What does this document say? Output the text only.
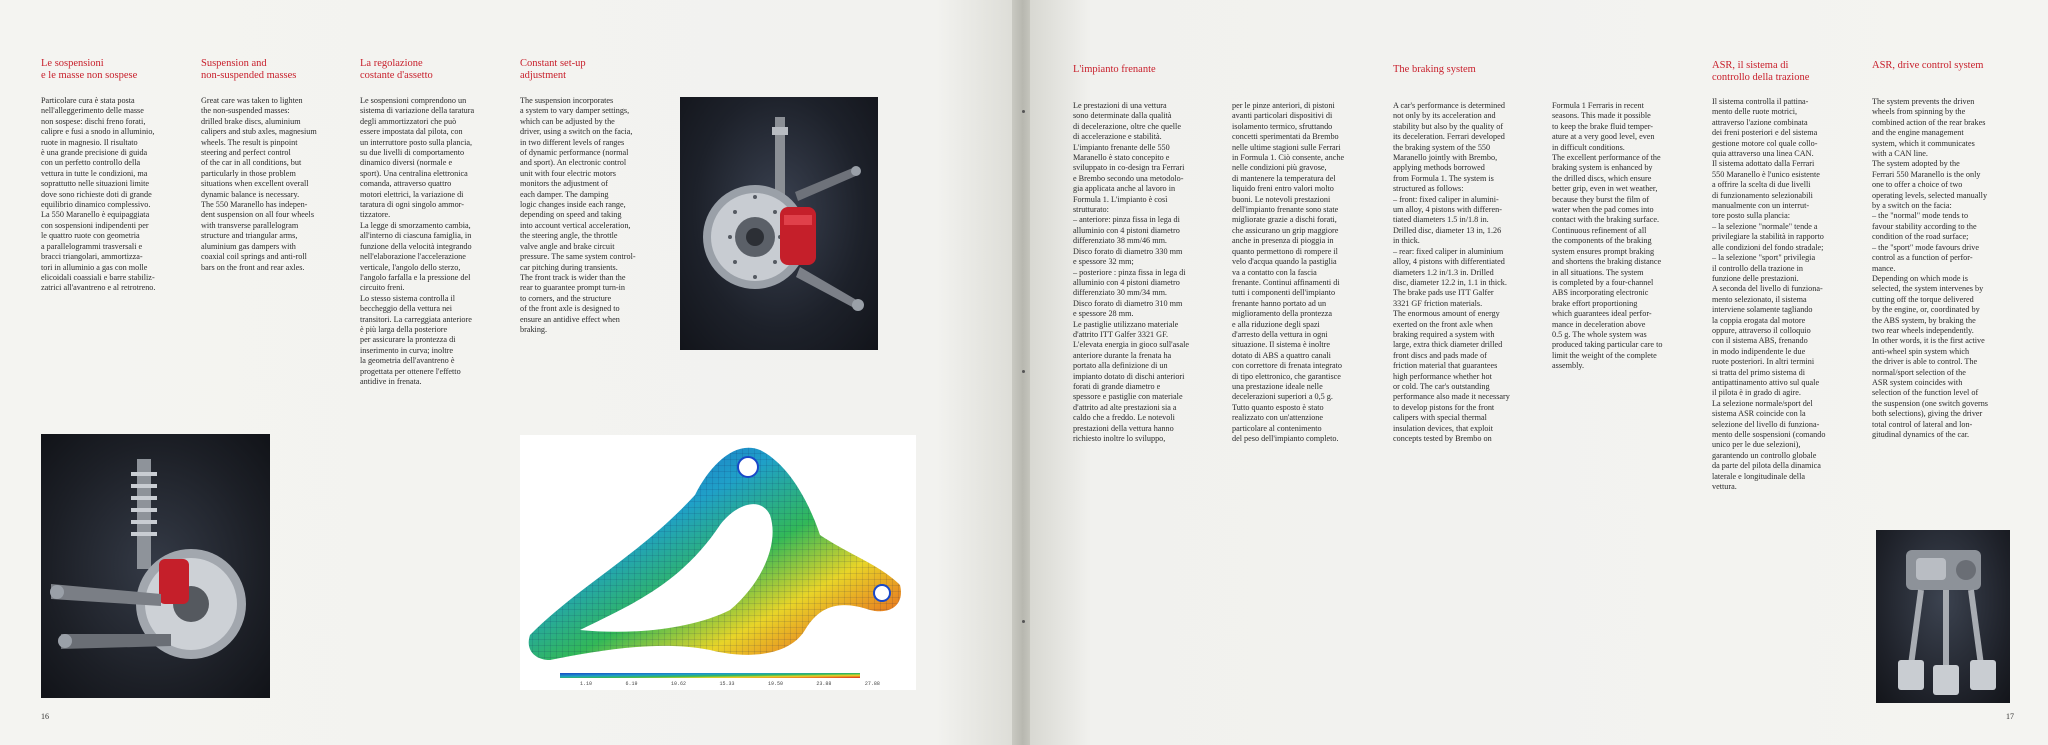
Le sospensioni
e le masse non sospese
Particolare cura è stata posta
nell'alleggerimento delle masse
non sospese: dischi freno forati,
calipre e fusi a snodo in alluminio,
ruote in magnesio. Il risultato
è una grande precisione di guida
con un perfetto controllo della
vettura in tutte le condizioni, ma
soprattutto nelle situazioni limite
dove sono richieste doti di grande
equilibrio dinamico complessivo.
La 550 Maranello è equipaggiata
con sospensioni indipendenti per
le quattro ruote con geometria
a parallelogrammi trasversali e
bracci triangolari, ammortizza-
tori in alluminio a gas con molle
elicoidali coassiali e barre stabiliz-
zatrici all'avantreno e al retrotreno.
Suspension and
non-suspended masses
Great care was taken to lighten
the non-suspended masses:
drilled brake discs, aluminium
calipers and stub axles, magnesium
wheels. The result is pinpoint
steering and perfect control
of the car in all conditions, but
particularly in those problem
situations when excellent overall
dynamic balance is necessary.
The 550 Maranello has indepen-
dent suspension on all four wheels
with transverse parallelogram
structure and triangular arms,
aluminium gas dampers with
coaxial coil springs and anti-roll
bars on the front and rear axles.
La regolazione
costante d'assetto
Le sospensioni comprendono un
sistema di variazione della taratura
degli ammortizzatori che può
essere impostata dal pilota, con
un interruttore posto sulla plancia,
su due livelli di comportamento
dinamico diversi (normale e
sport). Una centralina elettronica
comanda, attraverso quattro
motori elettrici, la variazione di
taratura di ogni singolo ammor-
tizzatore.
La legge di smorzamento cambia,
all'interno di ciascuna famiglia, in
funzione della velocità integrando
nell'elaborazione l'accelerazione
verticale, l'angolo dello sterzo,
l'angolo farfalla e la pressione del
circuito freni.
Lo stesso sistema controlla il
beccheggio della vettura nei
transitori. La carreggiata anteriore
è più larga della posteriore
per assicurare la prontezza di
inserimento in curva; inoltre
la geometria dell'avantreno è
progettata per ottenere l'effetto
antidive in frenata.
Constant set-up
adjustment
The suspension incorporates
a system to vary damper settings,
which can be adjusted by the
driver, using a switch on the facia,
in two different levels of ranges
of dynamic performance (normal
and sport). An electronic control
unit with four electric motors
monitors the adjustment of
each damper. The damping
logic changes inside each range,
depending on speed and taking
into account vertical acceleration,
the steering angle, the throttle
valve angle and brake circuit
pressure. The same system control-
car pitching during transients.
The front track is wider than the
rear to guarantee prompt turn-in
to corners, and the structure
of the front axle is designed to
ensure an antidive effect when
braking.
1.10	6.19	10.62	15.33	19.50	23.88	27.88
16
L'impianto frenante
Le prestazioni di una vettura
sono determinate dalla qualità
di decelerazione, oltre che quelle
di accelerazione e stabilità.
L'impianto frenante delle 550
Maranello è stato concepito e
sviluppato in co-design tra Ferrari
e Brembo secondo una metodolo-
gia applicata anche al lavoro in
Formula 1. L'impianto è così
strutturato:
– anteriore: pinza fissa in lega di
alluminio con 4 pistoni diametro
differenziato 38 mm/46 mm.
Disco forato di diametro 330 mm
e spessore 32 mm;
– posteriore : pinza fissa in lega di
alluminio con 4 pistoni diametro
differenziato 30 mm/34 mm.
Disco forato di diametro 310 mm
e spessore 28 mm.
Le pastiglie utilizzano materiale
d'attrito ITT Galfer 3321 GF.
L'elevata energia in gioco sull'asale
anteriore durante la frenata ha
portato alla definizione di un
impianto dotato di dischi anteriori
forati di grande diametro e
spessore e pastiglie con materiale
d'attrito ad alte prestazioni sia a
caldo che a freddo. Le notevoli
prestazioni della vettura hanno
richiesto inoltre lo sviluppo,
per le pinze anteriori, di pistoni
avanti particolari dispositivi di
isolamento termico, sfruttando
concetti sperimentati da Brembo
nelle ultime stagioni sulle Ferrari
in Formula 1. Ciò consente, anche
nelle condizioni più gravose,
di mantenere la temperatura del
liquido freni entro valori molto
buoni. Le notevoli prestazioni
dell'impianto frenante sono state
migliorate grazie a dischi forati,
che assicurano un grip maggiore
anche in presenza di pioggia in
quanto permettono di rompere il
velo d'acqua quando la pastiglia
va a contatto con la fascia
frenante. Continui affinamenti di
tutti i componenti dell'impianto
frenante hanno portato ad un
miglioramento della prontezza
e alla riduzione degli spazi
d'arresto della vettura in ogni
situazione. Il sistema è inoltre
dotato di ABS a quattro canali
con correttore di frenata integrato
di tipo elettronico, che garantisce
una prestazione ideale nelle
decelerazioni superiori a 0,5 g.
Tutto quanto esposto è stato
realizzato con un'attenzione
particolare al contenimento
del peso dell'impianto completo.
The braking system
A car's performance is determined
not only by its acceleration and
stability but also by the quality of
its deceleration. Ferrari developed
the braking system of the 550
Maranello jointly with Brembo,
applying methods borrowed
from Formula 1. The system is
structured as follows:
– front: fixed caliper in alumini-
um alloy, 4 pistons with differen-
tiated diameters 1.5 in/1.8 in.
Drilled disc, diameter 13 in, 1.26
in thick.
– rear: fixed caliper in aluminium
alloy, 4 pistons with differentiated
diameters 1.2 in/1.3 in. Drilled
disc, diameter 12.2 in, 1.1 in thick.
The brake pads use ITT Galfer
3321 GF friction materials.
The enormous amount of energy
exerted on the front axle when
braking required a system with
large, extra thick diameter drilled
front discs and pads made of
friction material that guarantees
high performance whether hot
or cold. The car's outstanding
performance also made it necessary
to develop pistons for the front
calipers with special thermal
insulation devices, that exploit
concepts tested by Brembo on
Formula 1 Ferraris in recent
seasons. This made it possible
to keep the brake fluid temper-
ature at a very good level, even
in difficult conditions.
The excellent performance of the
braking system is enhanced by
the drilled discs, which ensure
better grip, even in wet weather,
because they burst the film of
water when the pad comes into
contact with the braking surface.
Continuous refinement of all
the components of the braking
system ensures prompt braking
and shortens the braking distance
in all situations. The system
is completed by a four-channel
ABS incorporating electronic
brake effort proportioning
which guarantees ideal perfor-
mance in deceleration above
0.5 g. The whole system was
produced taking particular care to
limit the weight of the complete
assembly.
ASR, il sistema di
controllo della trazione
Il sistema controlla il pattina-
mento delle ruote motrici,
attraverso l'azione combinata
dei freni posteriori e del sistema
gestione motore col quale collo-
quia attraverso una linea CAN.
Il sistema adottato dalla Ferrari
550 Maranello è l'unico esistente
a offrire la scelta di due livelli
di funzionamento selezionabili
manualmente con un interrut-
tore posto sulla plancia:
– la selezione "normale" tende a
privilegiare la stabilità in rapporto
alle condizioni del fondo stradale;
– la selezione "sport" privilegia
il controllo della trazione in
funzione delle prestazioni.
A seconda del livello di funziona-
mento selezionato, il sistema
interviene solamente tagliando
la coppia erogata dal motore
oppure, attraverso il colloquio
con il sistema ABS, frenando
in modo indipendente le due
ruote posteriori. In altri termini
si tratta del primo sistema di
antipattinamento attivo sul quale
il pilota è in grado di agire.
La selezione normale/sport del
sistema ASR coincide con la
selezione del livello di funziona-
mento delle sospensioni (comando
unico per le due selezioni),
garantendo un controllo globale
da parte del pilota della dinamica
laterale e longitudinale della
vettura.
ASR, drive control system
The system prevents the driven
wheels from spinning by the
combined action of the rear brakes
and the engine management
system, which it communicates
with a CAN line.
The system adopted by the
Ferrari 550 Maranello is the only
one to offer a choice of two
operating levels, selected manually
by a switch on the facia:
– the "normal" mode tends to
favour stability according to the
condition of the road surface;
– the "sport" mode favours drive
control as a function of perfor-
mance.
Depending on which mode is
selected, the system intervenes by
cutting off the torque delivered
by the engine, or, coordinated by
the ABS system, by braking the
two rear wheels independently.
In other words, it is the first active
anti-wheel spin system which
the driver is able to control. The
normal/sport selection of the
ASR system coincides with
selection of the function level of
the suspension (one switch governs
both selections), giving the driver
total control of lateral and lon-
gitudinal dynamics of the car.
17
